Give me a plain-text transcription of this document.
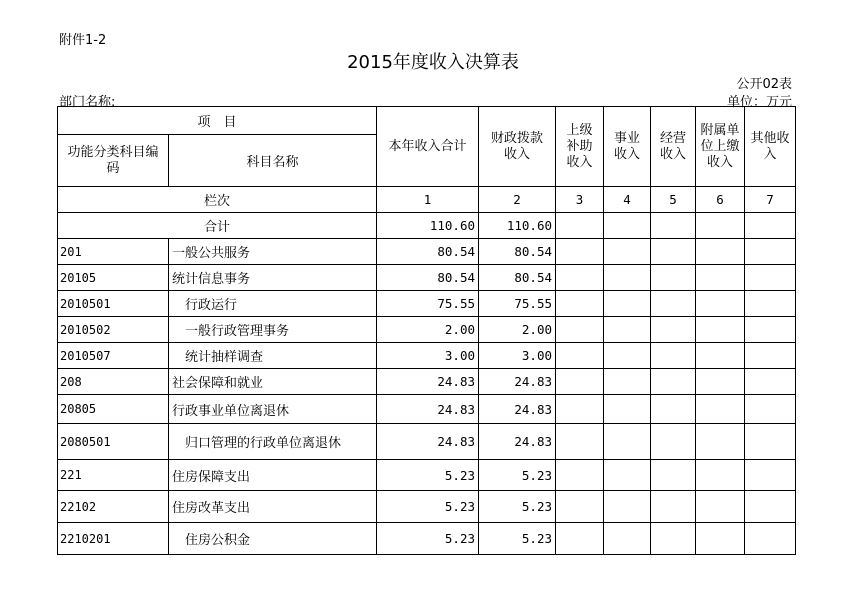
附件1-2
2015年度收入决算表
公开02表
部门名称:	单位：万元
项　目		本年收入合计	财政拨款收入	上级补助收入	事业收入	经营收入	附属单位上缴收入	其他收入
功能分类科目编码	科目名称							
栏次		1	2	3	4	5	6	7
合计		110.60	110.60					
201	一般公共服务	80.54	80.54					
20105	统计信息事务	80.54	80.54					
2010501	行政运行	75.55	75.55					
2010502	一般行政管理事务	2.00	2.00					
2010507	统计抽样调查	3.00	3.00					
208	社会保障和就业	24.83	24.83					
20805	行政事业单位离退休	24.83	24.83					
2080501	归口管理的行政单位离退休	24.83	24.83					
221	住房保障支出	5.23	5.23					
22102	住房改革支出	5.23	5.23					
2210201	住房公积金	5.23	5.23					
